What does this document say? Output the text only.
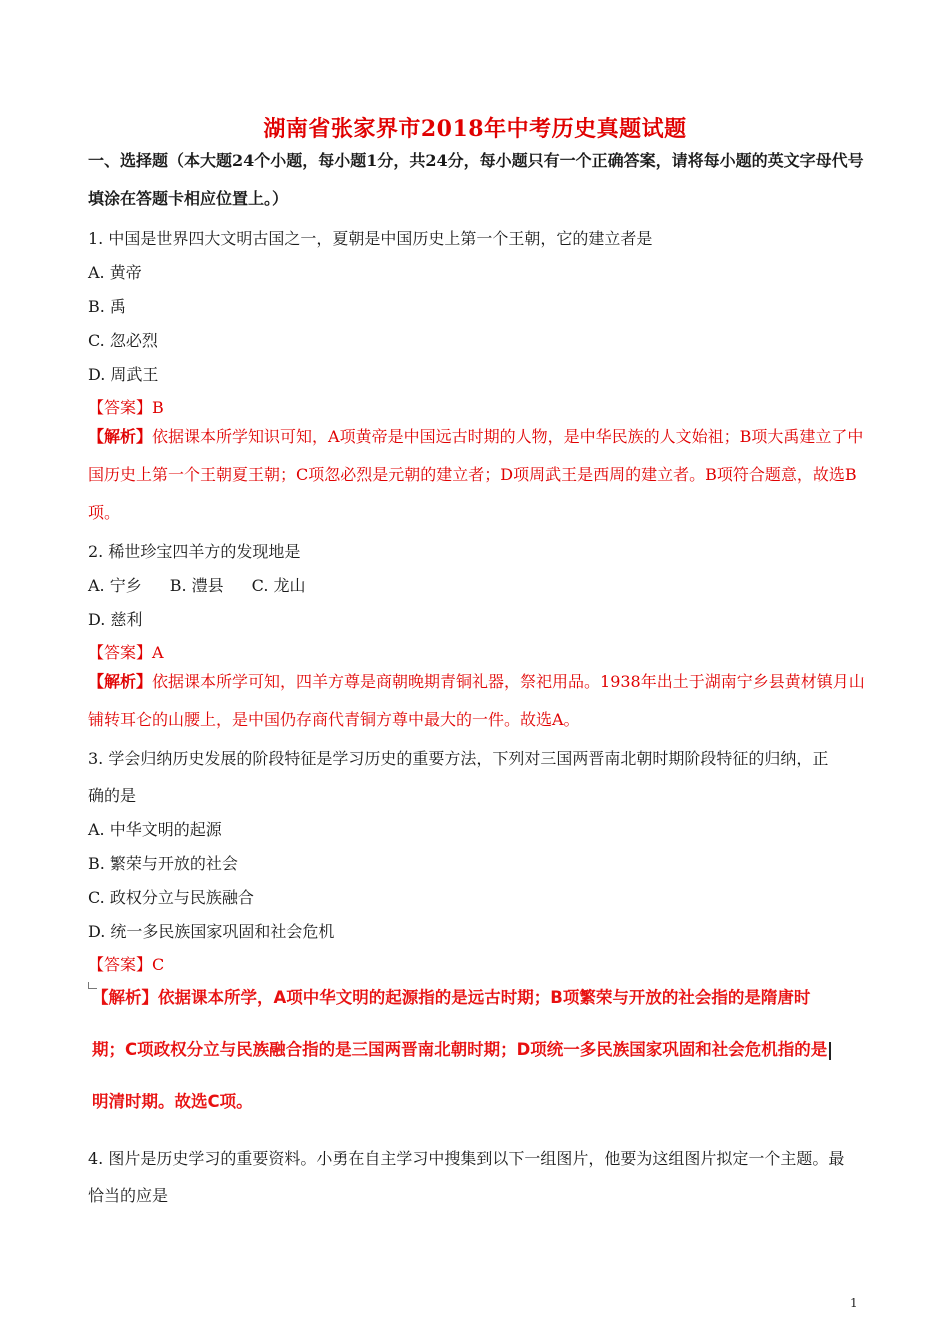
湖南省张家界市2018年中考历史真题试题
一、选择题（本大题24个小题，每小题1分，共24分，每小题只有一个正确答案，请将每小题的英文字母代号填涂在答题卡相应位置上。）
1. 中国是世界四大文明古国之一，夏朝是中国历史上第一个王朝，它的建立者是
A. 黄帝
B. 禹
C. 忽必烈
D. 周武王
【答案】B
【解析】依据课本所学知识可知，A项黄帝是中国远古时期的人物，是中华民族的人文始祖；B项大禹建立了中国历史上第一个王朝夏王朝；C项忽必烈是元朝的建立者；D项周武王是西周的建立者。B项符合题意，故选B项。
2. 稀世珍宝四羊方的发现地是
A. 宁乡 B. 澧县 C. 龙山
D. 慈利
【答案】A
【解析】依据课本所学可知，四羊方尊是商朝晚期青铜礼器，祭祀用品。1938年出土于湖南宁乡县黄材镇月山铺转耳仑的山腰上，是中国仍存商代青铜方尊中最大的一件。故选A。
3. 学会归纳历史发展的阶段特征是学习历史的重要方法，下列对三国两晋南北朝时期阶段特征的归纳，正
确的是
A. 中华文明的起源
B. 繁荣与开放的社会
C. 政权分立与民族融合
D. 统一多民族国家巩固和社会危机
【答案】C
【解析】依据课本所学，A项中华文明的起源指的是远古时期；B项繁荣与开放的社会指的是隋唐时
期；C项政权分立与民族融合指的是三国两晋南北朝时期；D项统一多民族国家巩固和社会危机指的是
明清时期。故选C项。
4. 图片是历史学习的重要资料。小勇在自主学习中搜集到以下一组图片，他要为这组图片拟定一个主题。最
恰当的应是
1
